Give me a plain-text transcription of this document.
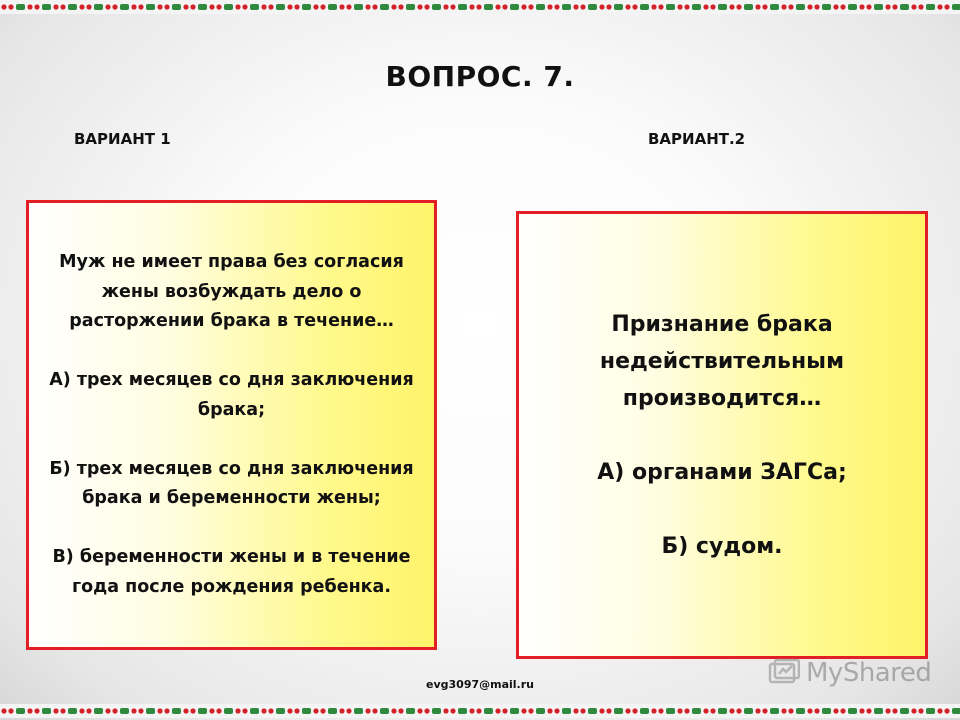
ВОПРОС. 7.
ВАРИАНТ 1	ВАРИАНТ.2

Муж не имеет права без согласия жены возбуждать дело о расторжении брака в течение…

А) трех месяцев со дня заключения брака;

Б) трех месяцев со дня заключения брака и беременности жены;

В) беременности жены и в течение года после рождения ребенка.

Признание брака недействительным производится…

А) органами ЗАГСа;

Б) судом.

evg3097@mail.ru	MyShared
